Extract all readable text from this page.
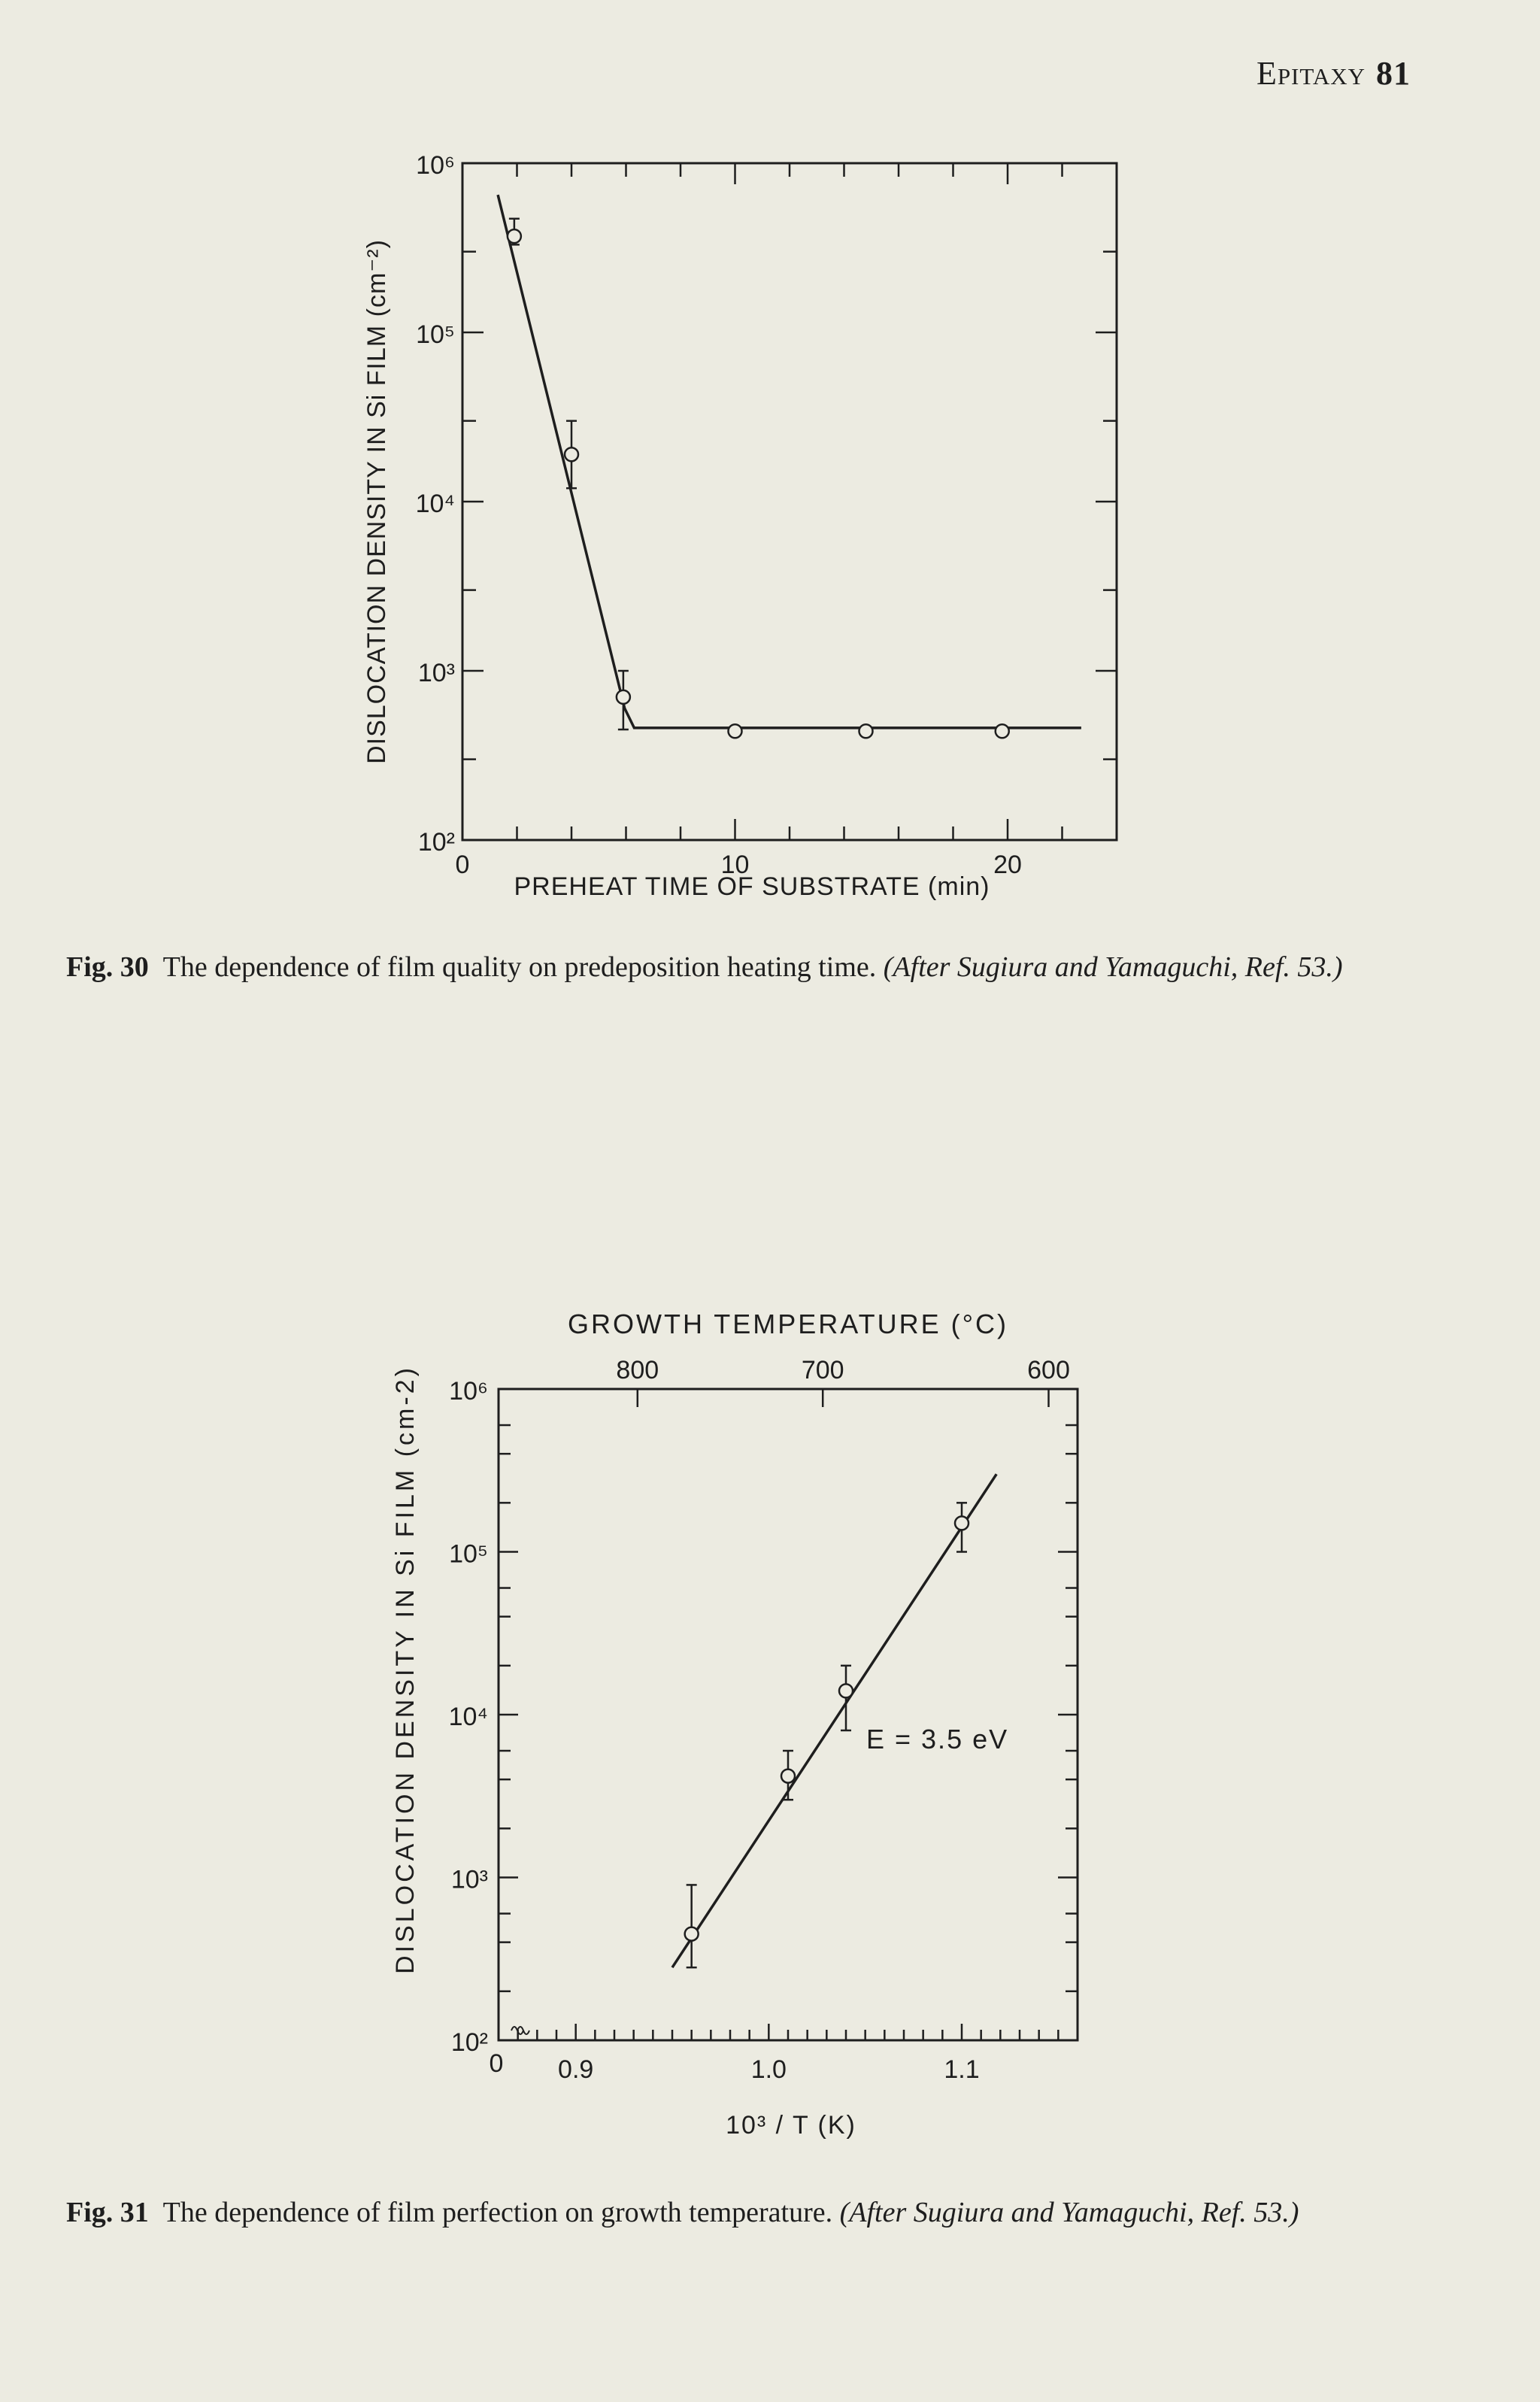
Epitaxy 81
0	10	20
10²
10³
10⁴
10⁵
10⁶
PREHEAT TIME OF SUBSTRATE (min)
DISLOCATION DENSITY IN Si FILM (cm⁻²)
Fig. 30 The dependence of film quality on predeposition heating time. (After Sugiura and Yamaguchi, Ref. 53.)
0.9	1.0	1.1
800	700	600
10²
10³
10⁴
10⁵
10⁶
0
GROWTH TEMPERATURE (°C)
E = 3.5 eV
10³ / T (K)
DISLOCATION DENSITY IN Si FILM (cm-2)
Fig. 31 The dependence of film perfection on growth temperature. (After Sugiura and Yamaguchi, Ref. 53.)
